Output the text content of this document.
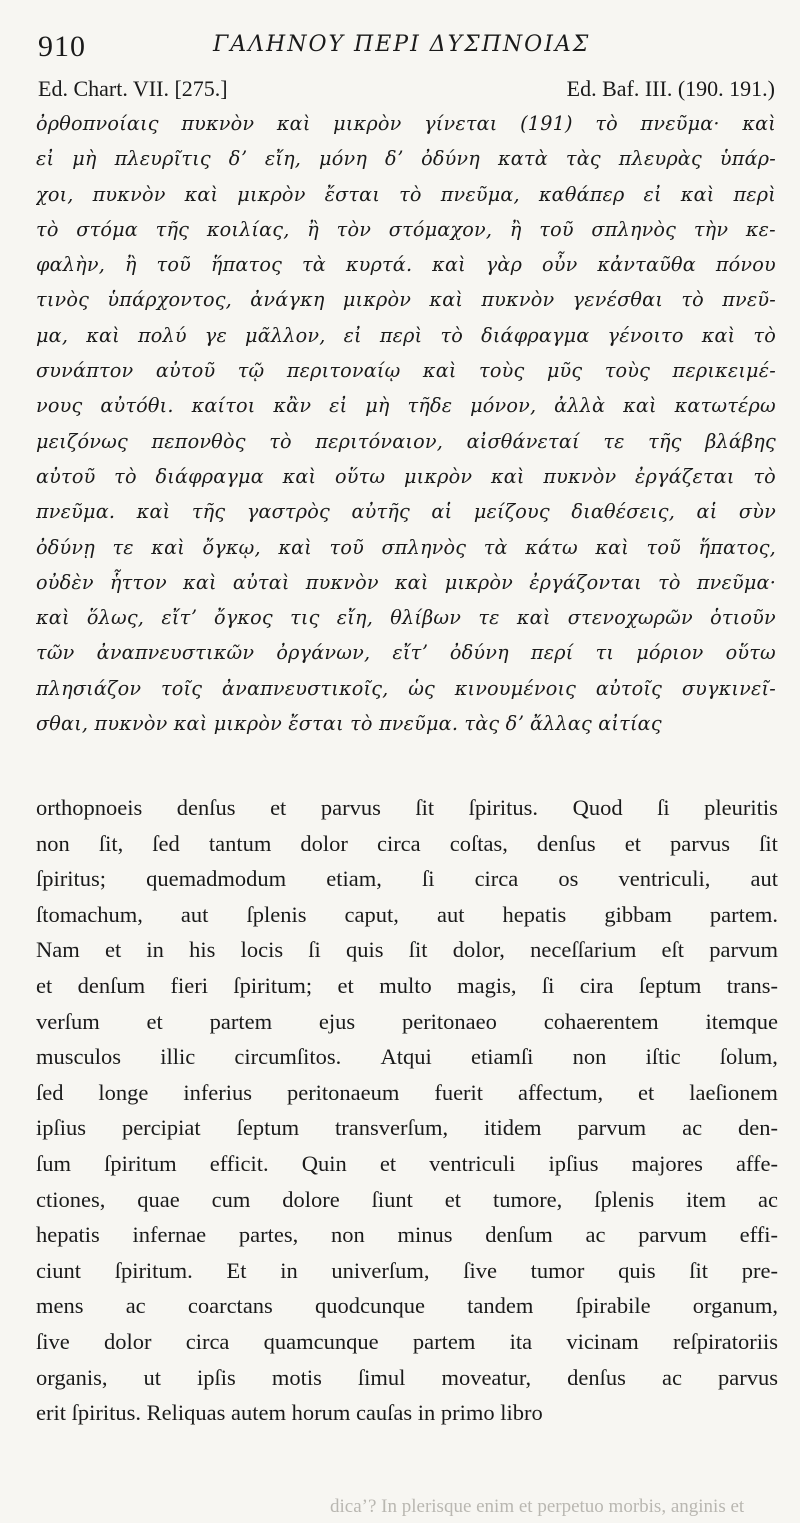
910	ΓΑΛΗΝΟΥ ΠΕΡΙ ΔΥΣΠΝΟΙΑΣ
Ed. Chart. VII. [275.]	Ed. Baf. III. (190. 191.)
ὀρθοπνοίαις πυκνὸν καὶ μικρὸν γίνεται (191) τὸ πνεῦμα· καὶ
εἰ μὴ πλευρῖτις δʼ εἴη, μόνη δʼ ὀδύνη κατὰ τὰς πλευρὰς ὑπάρ-
χοι, πυκνὸν καὶ μικρὸν ἔσται τὸ πνεῦμα, καθάπερ εἰ καὶ περὶ
τὸ στόμα τῆς κοιλίας, ἢ τὸν στόμαχον, ἢ τοῦ σπληνὸς τὴν κε-
φαλὴν, ἢ τοῦ ἥπατος τὰ κυρτά. καὶ γὰρ οὖν κἀνταῦθα πόνου
τινὸς ὑπάρχοντος, ἀνάγκη μικρὸν καὶ πυκνὸν γενέσθαι τὸ πνεῦ-
μα, καὶ πολύ γε μᾶλλον, εἰ περὶ τὸ διάφραγμα γένοιτο καὶ τὸ
συνάπτον αὐτοῦ τῷ περιτοναίῳ καὶ τοὺς μῦς τοὺς περικειμέ-
νους αὐτόθι. καίτοι κἂν εἰ μὴ τῆδε μόνον, ἀλλὰ καὶ κατωτέρω
μειζόνως πεπονθὸς τὸ περιτόναιον, αἰσθάνεταί τε τῆς βλάβης
αὐτοῦ τὸ διάφραγμα καὶ οὕτω μικρὸν καὶ πυκνὸν ἐργάζεται τὸ
πνεῦμα. καὶ τῆς γαστρὸς αὐτῆς αἱ μείζους διαθέσεις, αἱ σὺν
ὀδύνῃ τε καὶ ὄγκῳ, καὶ τοῦ σπληνὸς τὰ κάτω καὶ τοῦ ἥπατος,
οὐδὲν ἧττον καὶ αὐταὶ πυκνὸν καὶ μικρὸν ἐργάζονται τὸ πνεῦμα·
καὶ ὅλως, εἴτʼ ὄγκος τις εἴη, θλίβων τε καὶ στενοχωρῶν ὁτιοῦν
τῶν ἀναπνευστικῶν ὀργάνων, εἴτʼ ὀδύνη περί τι μόριον οὕτω
πλησιάζον τοῖς ἀναπνευστικοῖς, ὡς κινουμένοις αὐτοῖς συγκινεῖ-
σθαι, πυκνὸν καὶ μικρὸν ἔσται τὸ πνεῦμα. τὰς δʼ ἄλλας αἰτίας
orthopnoeis denſus et parvus ſit ſpiritus. Quod ſi pleuritis
non ſit, ſed tantum dolor circa coſtas, denſus et parvus ſit
ſpiritus; quemadmodum etiam, ſi circa os ventriculi, aut
ſtomachum, aut ſplenis caput, aut hepatis gibbam partem.
Nam et in his locis ſi quis ſit dolor, neceſſarium eſt parvum
et denſum fieri ſpiritum; et multo magis, ſi cira ſeptum trans-
verſum et partem ejus peritonaeo cohaerentem itemque
musculos illic circumſitos. Atqui etiamſi non iſtic ſolum,
ſed longe inferius peritonaeum fuerit affectum, et laeſionem
ipſius percipiat ſeptum transverſum, itidem parvum ac den-
ſum ſpiritum efficit. Quin et ventriculi ipſius majores affe-
ctiones, quae cum dolore ſiunt et tumore, ſplenis item ac
hepatis infernae partes, non minus denſum ac parvum effi-
ciunt ſpiritum. Et in univerſum, ſive tumor quis ſit pre-
mens ac coarctans quodcunque tandem ſpirabile organum,
ſive dolor circa quamcunque partem ita vicinam reſpiratoriis
organis, ut ipſis motis ſimul moveatur, denſus ac parvus
erit ſpiritus. Reliquas autem horum cauſas in primo libro
dicaʼ? In plerisque enim et perpetuo morbis, anginis et
